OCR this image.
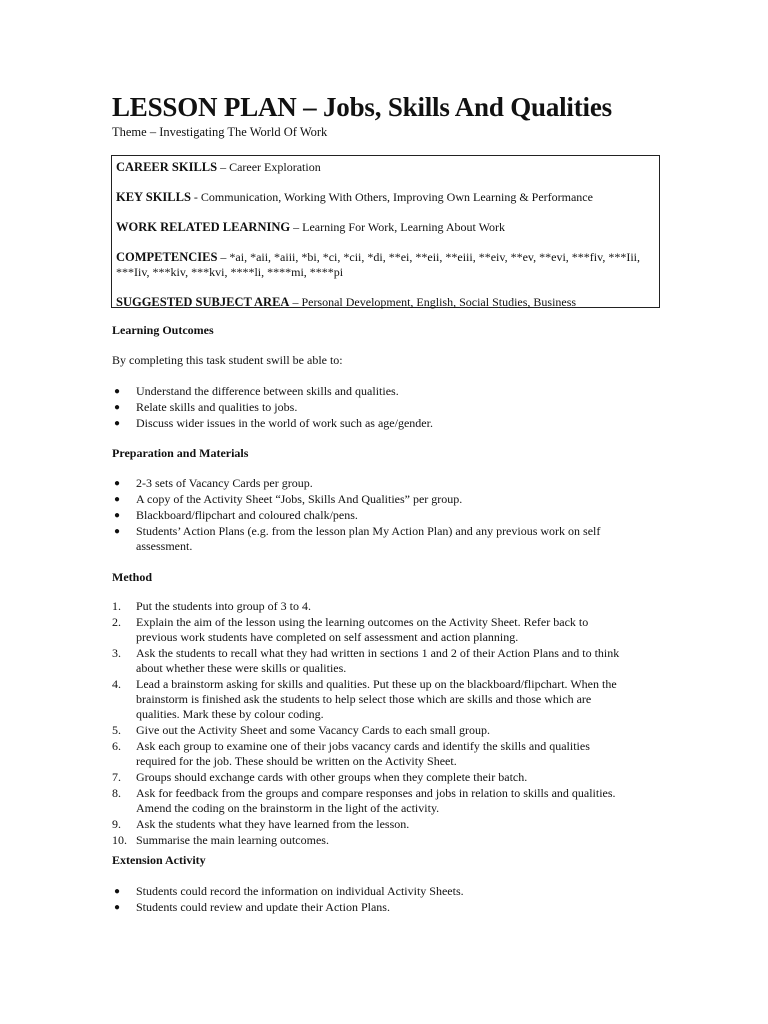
LESSON PLAN – Jobs, Skills And Qualities
Theme – Investigating The World Of Work

CAREER SKILLS – Career Exploration

KEY SKILLS - Communication, Working With Others, Improving Own Learning & Performance

WORK RELATED LEARNING – Learning For Work, Learning About Work

COMPETENCIES – *ai, *aii, *aiii, *bi, *ci, *cii, *di, **ei, **eii, **eiii, **eiv, **ev, **evi, ***fiv, ***Iii, ***Iiv, ***kiv, ***kvi, ****li, ****mi, ****pi

SUGGESTED SUBJECT AREA – Personal Development, English, Social Studies, Business

Learning Outcomes
By completing this task student swill be able to:
● Understand the difference between skills and qualities.
● Relate skills and qualities to jobs.
● Discuss wider issues in the world of work such as age/gender.
Preparation and Materials
● 2-3 sets of Vacancy Cards per group.
● A copy of the Activity Sheet “Jobs, Skills And Qualities” per group.
● Blackboard/flipchart and coloured chalk/pens.
● Students’ Action Plans (e.g. from the lesson plan My Action Plan) and any previous work on self assessment.
Method
1. Put the students into group of 3 to 4.
2. Explain the aim of the lesson using the learning outcomes on the Activity Sheet. Refer back to previous work students have completed on self assessment and action planning.
3. Ask the students to recall what they had written in sections 1 and 2 of their Action Plans and to think about whether these were skills or qualities.
4. Lead a brainstorm asking for skills and qualities. Put these up on the blackboard/flipchart. When the brainstorm is finished ask the students to help select those which are skills and those which are qualities. Mark these by colour coding.
5. Give out the Activity Sheet and some Vacancy Cards to each small group.
6. Ask each group to examine one of their jobs vacancy cards and identify the skills and qualities required for the job. These should be written on the Activity Sheet.
7. Groups should exchange cards with other groups when they complete their batch.
8. Ask for feedback from the groups and compare responses and jobs in relation to skills and qualities. Amend the coding on the brainstorm in the light of the activity.
9. Ask the students what they have learned from the lesson.
10. Summarise the main learning outcomes.
Extension Activity
● Students could record the information on individual Activity Sheets.
● Students could review and update their Action Plans.
